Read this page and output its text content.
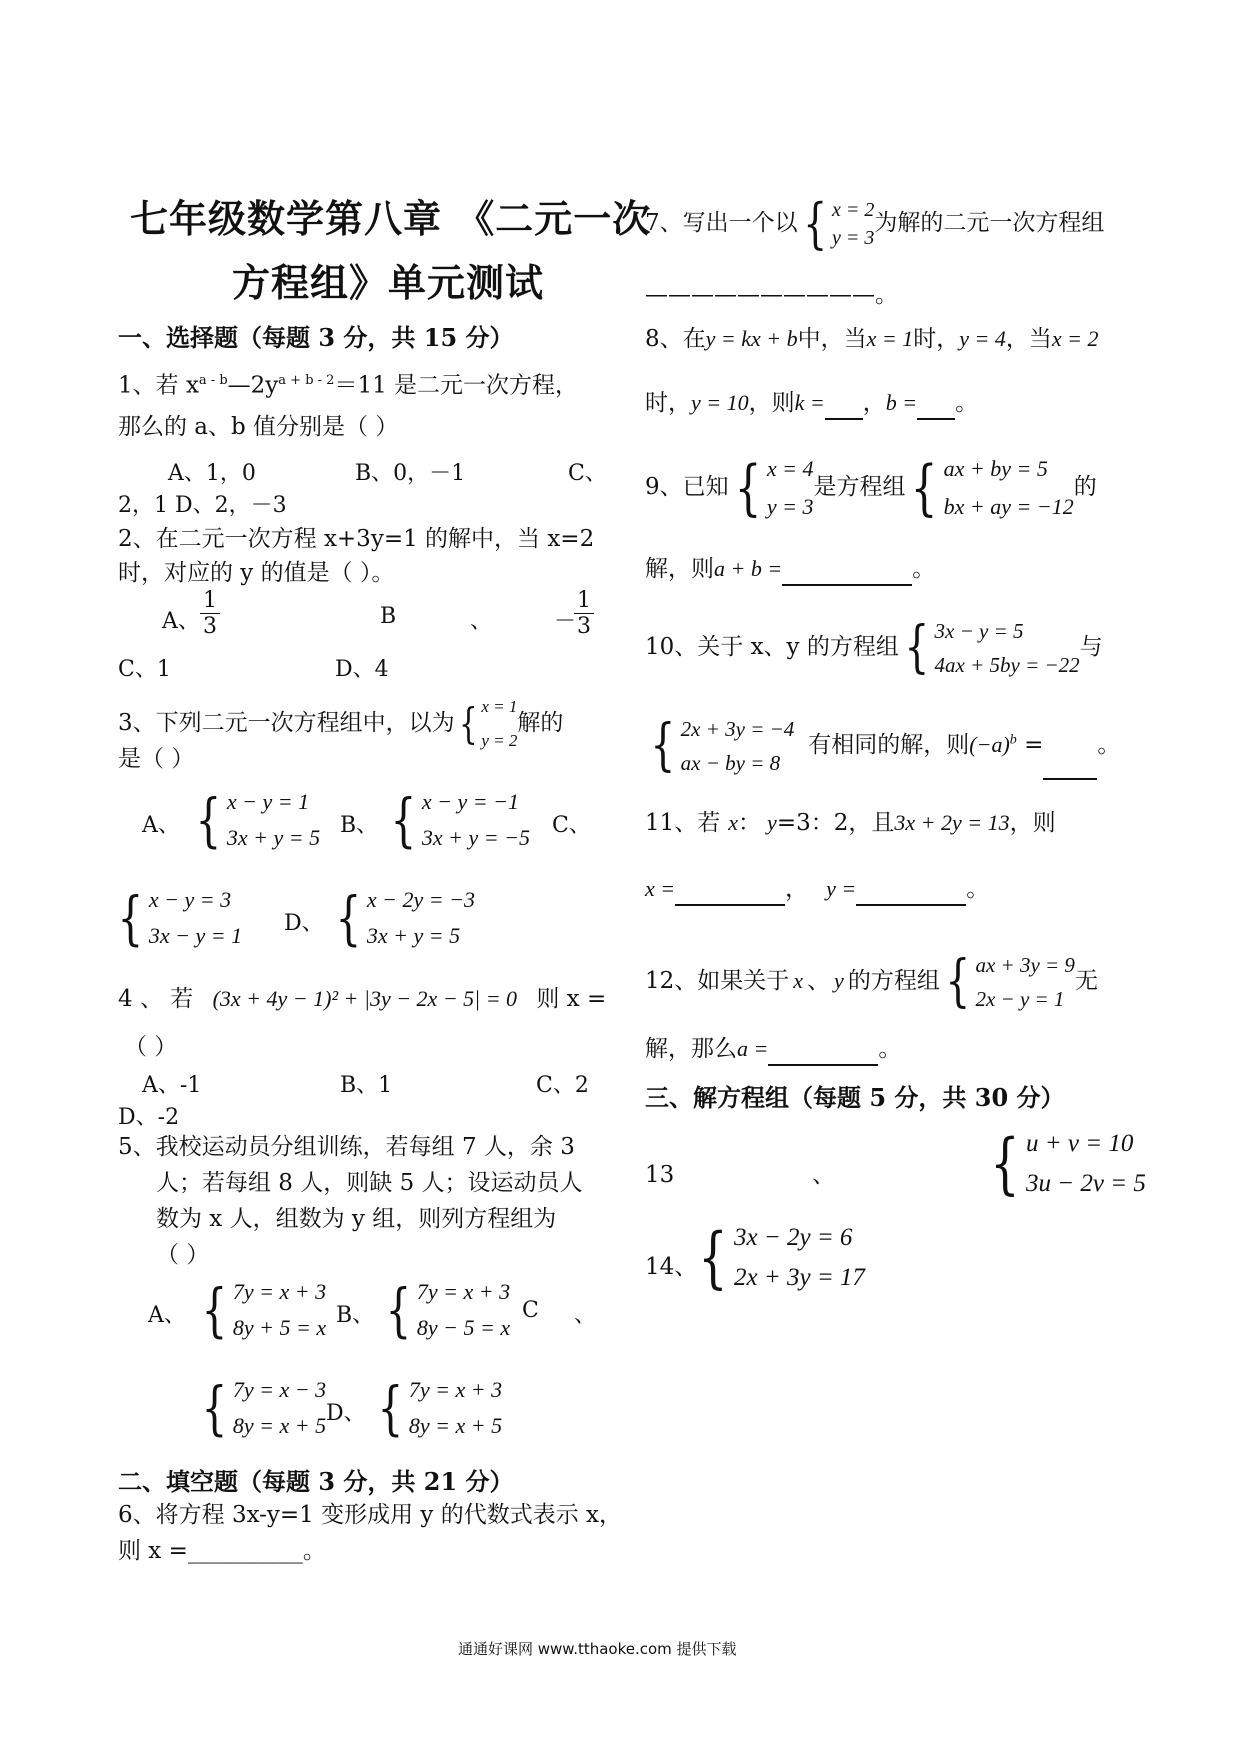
七年级数学第八章 《二元一次
方程组》单元测试
一、选择题（每题 3 分，共 15 分）
1、若 $x^{a - b}—2y^{a + b - 2}=11$ 是二元一次方程，
那么的 a、b 值分别是（ ）
A、1，0	B、0，－1	C、
2，1 D、2，－3
2、在二元一次方程 x+3y=1 的解中，当 x=2
时，对应的 y 的值是（ ）。
A、 $\frac{1}{3}$	B	、	－
$\frac{1}{3}$
C、1	D、4
3、下列二元一次方程组中，以为 { x = 1
y = 2
解的
是（ ）
A、 { x − y = 1
3x + y = 5 B、 { x − y = −1
3x + y = −5 C、
{ x − y = 3
3x − y = 1 D、 { x − 2y = −3
3x + y = 5
4 、 若 (3x + 4y − 1)² + |3y − 2x − 5| = 0 则 x =
（ ）
A、-1	B、1	C、2
D、-2
5、我校运动员分组训练，若每组 7 人，余 3
人；若每组 8 人，则缺 5 人；设运动员人
数为 x 人，组数为 y 组，则列方程组为
（ ）
A、 { 7y = x + 3
8y + 5 = x B、 { 7y = x + 3
8y − 5 = x
C 、
{ 7y = x − 3
8y = x + 5 D、 { 7y = x + 3
8y = x + 5
二、填空题（每题 3 分，共 21 分）
6、将方程 3x-y=1 变形成用 y 的代数式表示 x，
则 x =__________。
7、写出一个以 { x = 2
y = 3
为解的二元一次方程组
——————————。
8、在y = kx + b中，当x = 1时，y = 4，当x = 2
时，y = 10，则k = ，b = 。
9、已知 { x = 4
y = 3
是方程组 { ax + by = 5
bx + ay = −12
的
解，则a + b =	。
10、关于 x、y 的方程组 { 3x − y = 5
4ax + 5by = −22
与
{ 2x + 3y = −4
ax − by = 8
有相同的解，则$(-a)^b$ = 。
11、若 x： y=3：2，且3x + 2y = 13，则
x =	， y =	。
12、如果关于 x 、 y 的方程组 { ax + 3y = 9
2x − y = 1
无
解，那么a =	。
三、解方程组（每题 5 分，共 30 分）
13	、 { u + v = 10
3u − 2v = 5
14、 { 3x − 2y = 6
2x + 3y = 17
通通好课网 www.tthaoke.com 提供下载
